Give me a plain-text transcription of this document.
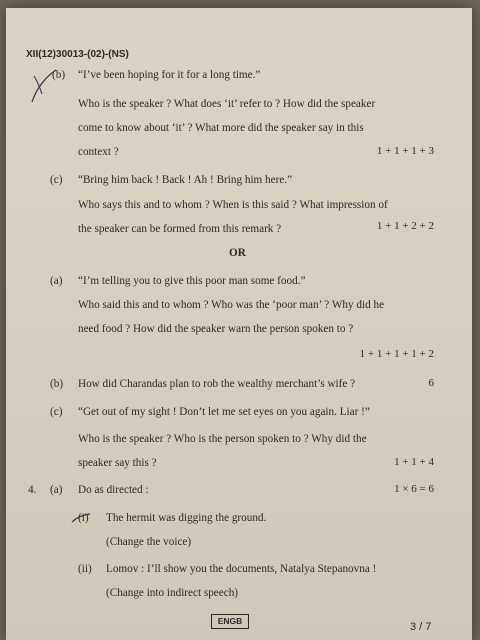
XII(12)30013-(02)-(NS)
(b) “I’ve been hoping for it for a long time.”
Who is the speaker ? What does ‘it’ refer to ? How did the speaker
come to know about ‘it’ ? What more did the speaker say in this
context ?	1 + 1 + 1 + 3
(c) “Bring him back ! Back ! Ah ! Bring him here.”
Who says this and to whom ? When is this said ? What impression of
the speaker can be formed from this remark ?	1 + 1 + 2 + 2
OR
(a) “I’m telling you to give this poor man some food.”
Who said this and to whom ? Who was the ‘poor man’ ? Why did he
need food ? How did the speaker warn the person spoken to ?
1 + 1 + 1 + 1 + 2
(b) How did Charandas plan to rob the wealthy merchant’s wife ?	6
(c) “Get out of my sight ! Don’t let me set eyes on you again. Liar !”
Who is the speaker ? Who is the person spoken to ? Why did the
speaker say this ?	1 + 1 + 4
4. (a) Do as directed :	1 × 6 = 6
(i) The hermit was digging the ground.
(Change the voice)
(ii) Lomov : I’ll show you the documents, Natalya Stepanovna !
(Change into indirect speech)
ENGB	3 / 7
